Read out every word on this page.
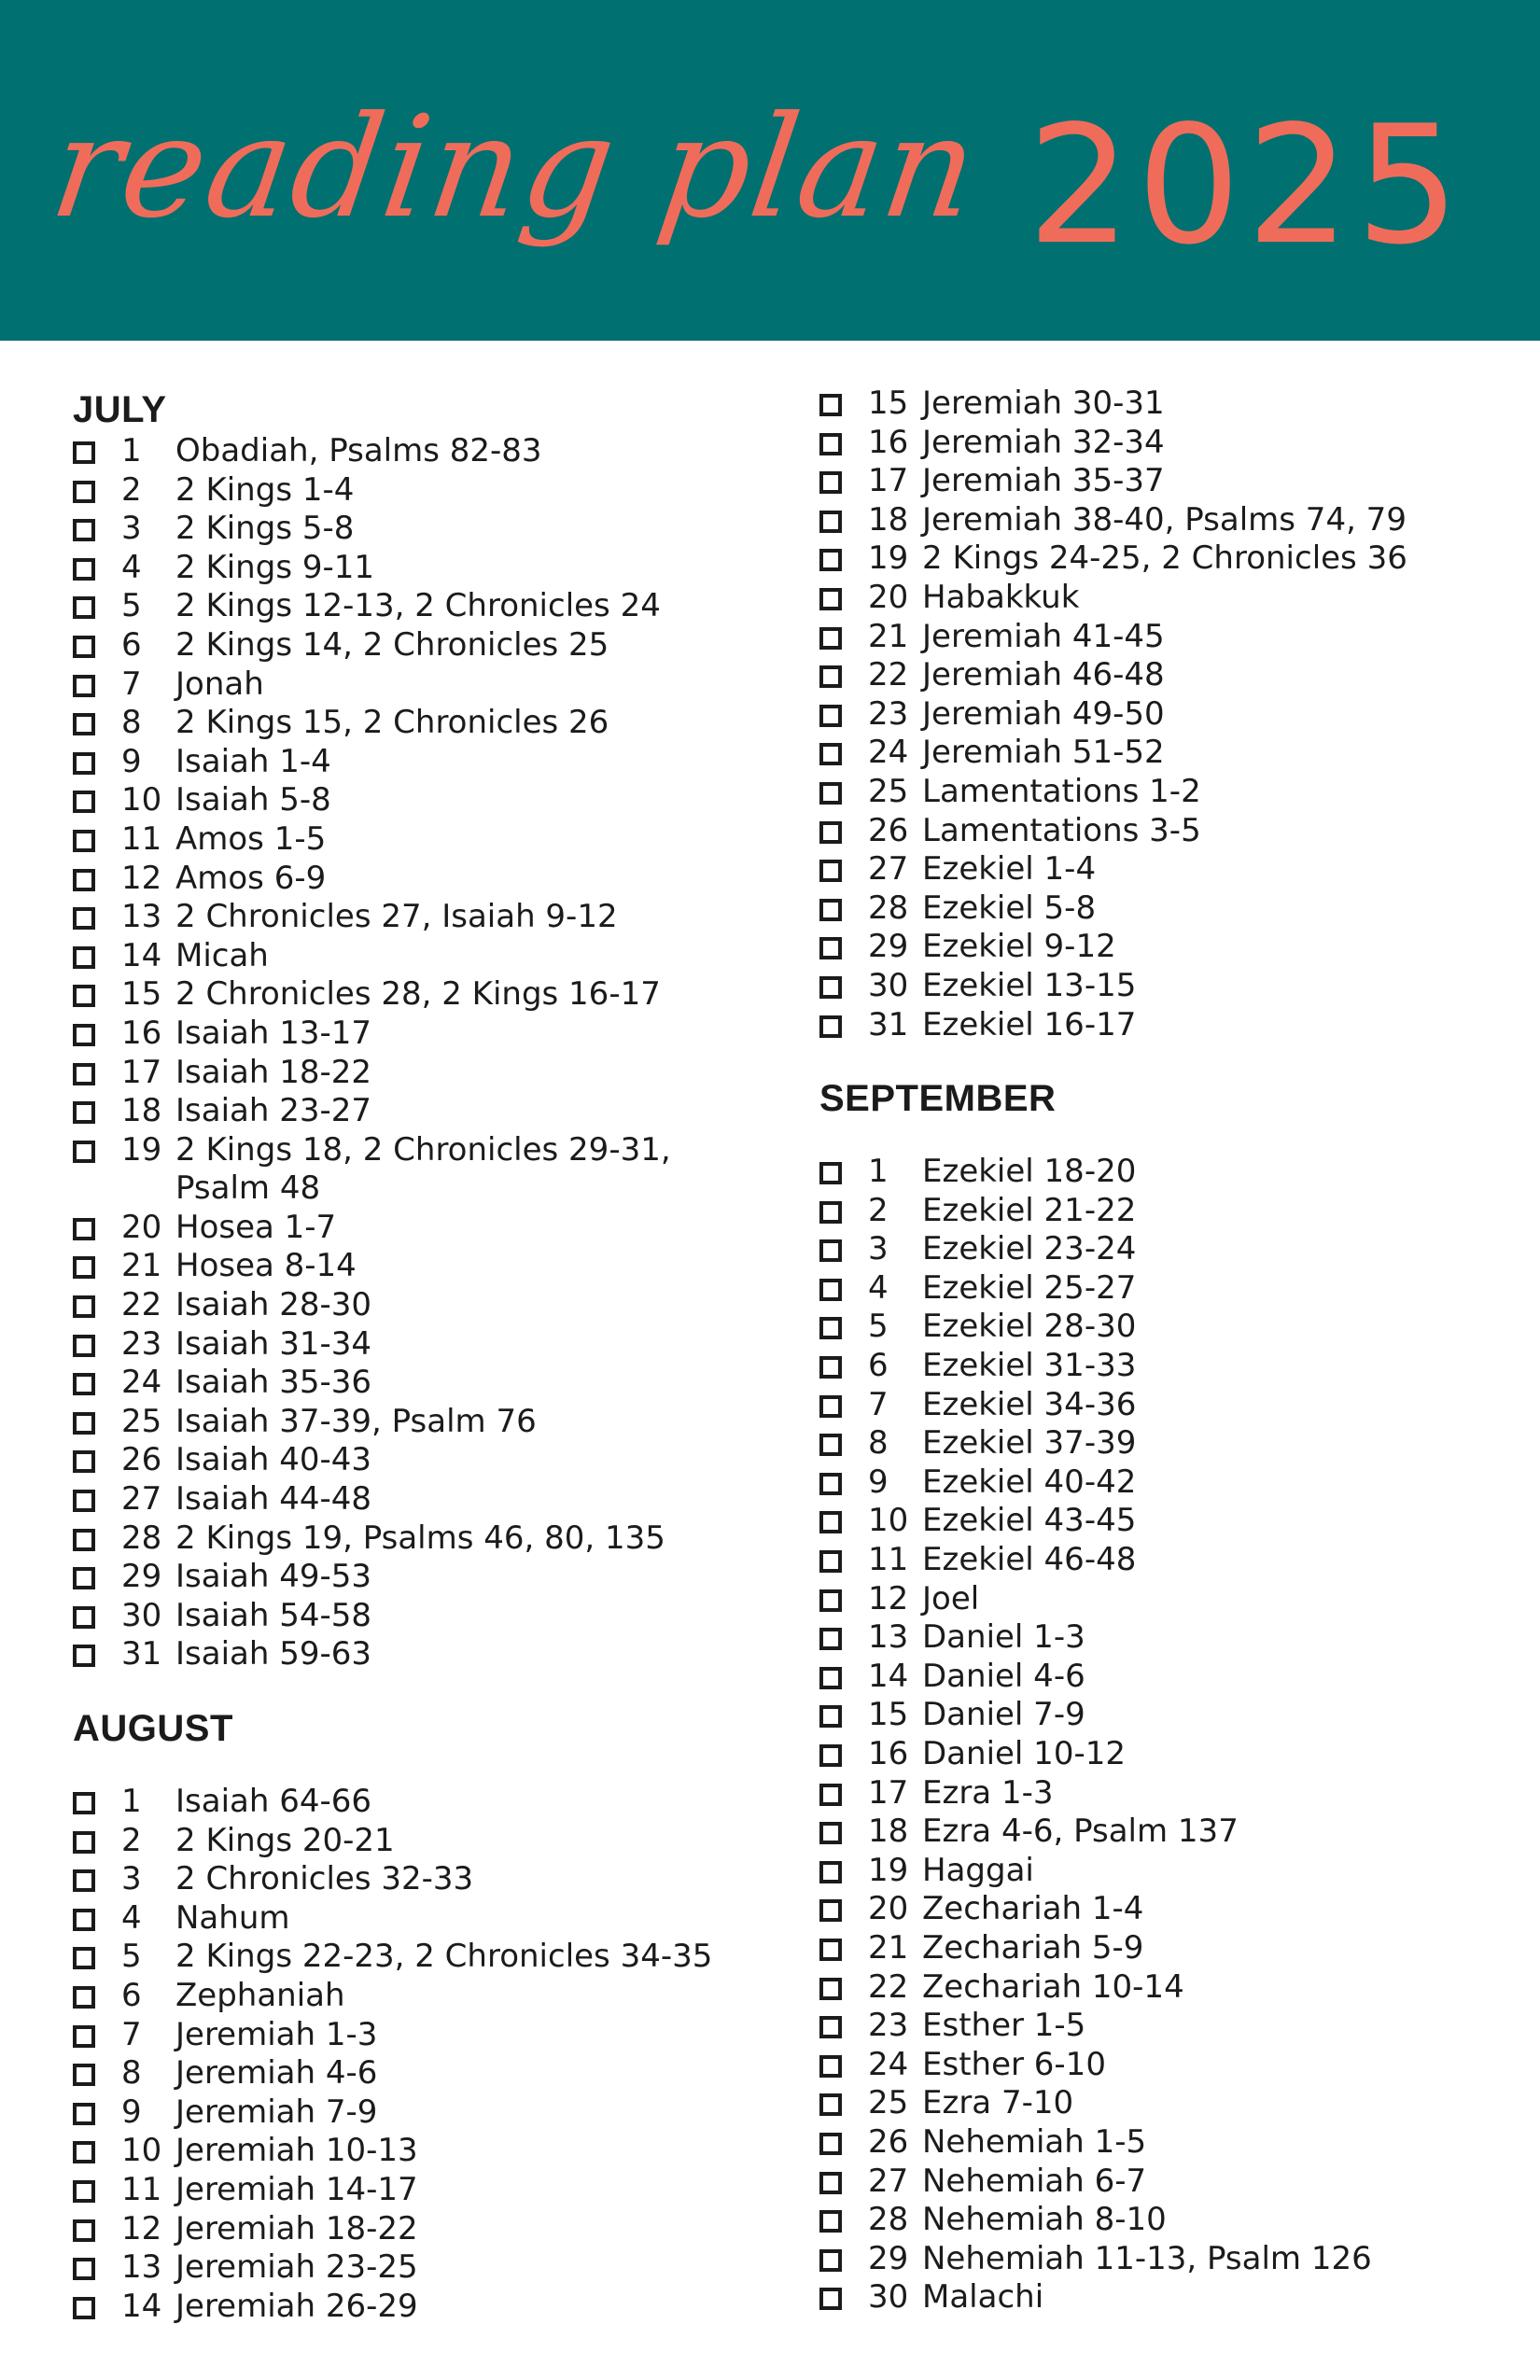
reading plan 2025
JULY
1	Obadiah, Psalms 82-83
2	2 Kings 1-4
3	2 Kings 5-8
4	2 Kings 9-11
5	2 Kings 12-13, 2 Chronicles 24
6	2 Kings 14, 2 Chronicles 25
7	Jonah
8	2 Kings 15, 2 Chronicles 26
9	Isaiah 1-4
10 Isaiah 5-8
11 Amos 1-5
12 Amos 6-9
13 2 Chronicles 27, Isaiah 9-12
14 Micah
15 2 Chronicles 28, 2 Kings 16-17
16 Isaiah 13-17
17 Isaiah 18-22
18 Isaiah 23-27
19 2 Kings 18, 2 Chronicles 29-31,
Psalm 48
20 Hosea 1-7
21 Hosea 8-14
22 Isaiah 28-30
23 Isaiah 31-34
24 Isaiah 35-36
25 Isaiah 37-39, Psalm 76
26 Isaiah 40-43
27 Isaiah 44-48
28 2 Kings 19, Psalms 46, 80, 135
29 Isaiah 49-53
30 Isaiah 54-58
31 Isaiah 59-63
AUGUST
1	Isaiah 64-66
2	2 Kings 20-21
3	2 Chronicles 32-33
4	Nahum
5	2 Kings 22-23, 2 Chronicles 34-35
6	Zephaniah
7	Jeremiah 1-3
8	Jeremiah 4-6
9	Jeremiah 7-9
10 Jeremiah 10-13
11 Jeremiah 14-17
12 Jeremiah 18-22
13 Jeremiah 23-25
14 Jeremiah 26-29
15 Jeremiah 30-31
16 Jeremiah 32-34
17 Jeremiah 35-37
18 Jeremiah 38-40, Psalms 74, 79
19 2 Kings 24-25, 2 Chronicles 36
20 Habakkuk
21 Jeremiah 41-45
22 Jeremiah 46-48
23 Jeremiah 49-50
24 Jeremiah 51-52
25 Lamentations 1-2
26 Lamentations 3-5
27 Ezekiel 1-4
28 Ezekiel 5-8
29 Ezekiel 9-12
30 Ezekiel 13-15
31 Ezekiel 16-17
SEPTEMBER
1	Ezekiel 18-20
2	Ezekiel 21-22
3	Ezekiel 23-24
4	Ezekiel 25-27
5	Ezekiel 28-30
6	Ezekiel 31-33
7	Ezekiel 34-36
8	Ezekiel 37-39
9	Ezekiel 40-42
10 Ezekiel 43-45
11 Ezekiel 46-48
12 Joel
13 Daniel 1-3
14 Daniel 4-6
15 Daniel 7-9
16 Daniel 10-12
17 Ezra 1-3
18 Ezra 4-6, Psalm 137
19 Haggai
20 Zechariah 1-4
21 Zechariah 5-9
22 Zechariah 10-14
23 Esther 1-5
24 Esther 6-10
25 Ezra 7-10
26 Nehemiah 1-5
27 Nehemiah 6-7
28 Nehemiah 8-10
29 Nehemiah 11-13, Psalm 126
30 Malachi
